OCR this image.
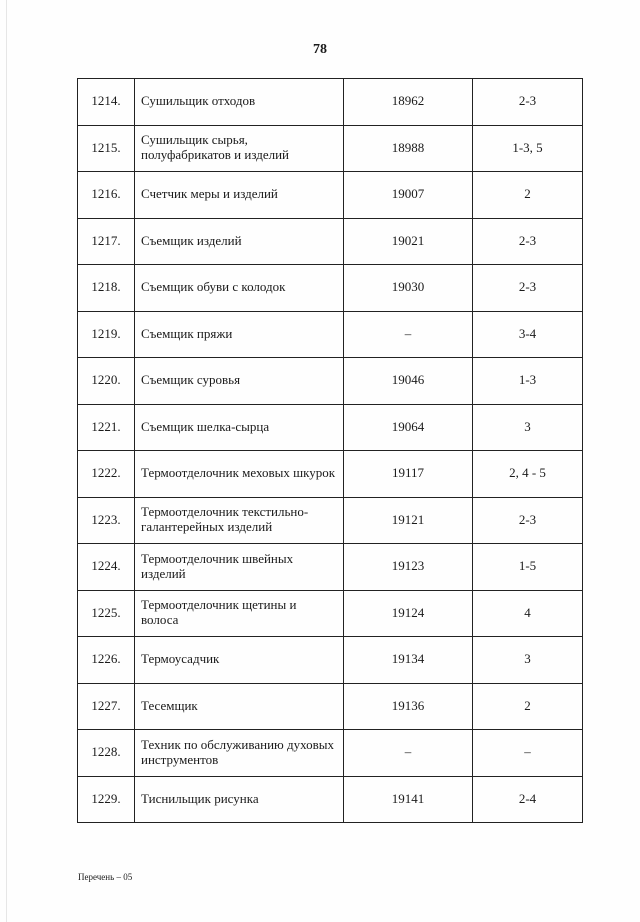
78
1214.	Сушильщик отходов	18962	2-3
1215.	Сушильщик сырья, полуфабрикатов и изделий	18988	1-3, 5
1216.	Счетчик меры и изделий	19007	2
1217.	Съемщик изделий	19021	2-3
1218.	Съемщик обуви с колодок	19030	2-3
1219.	Съемщик пряжи	–	3-4
1220.	Съемщик суровья	19046	1-3
1221.	Съемщик шелка-сырца	19064	3
1222.	Термоотделочник меховых шкурок	19117	2, 4 - 5
1223.	Термоотделочник текстильно-галантерейных изделий	19121	2-3
1224.	Термоотделочник швейных изделий	19123	1-5
1225.	Термоотделочник щетины и волоса	19124	4
1226.	Термоусадчик	19134	3
1227.	Тесемщик	19136	2
1228.	Техник по обслуживанию духовых инструментов	–	–
1229.	Тиснильщик рисунка	19141	2-4
Перечень – 05
